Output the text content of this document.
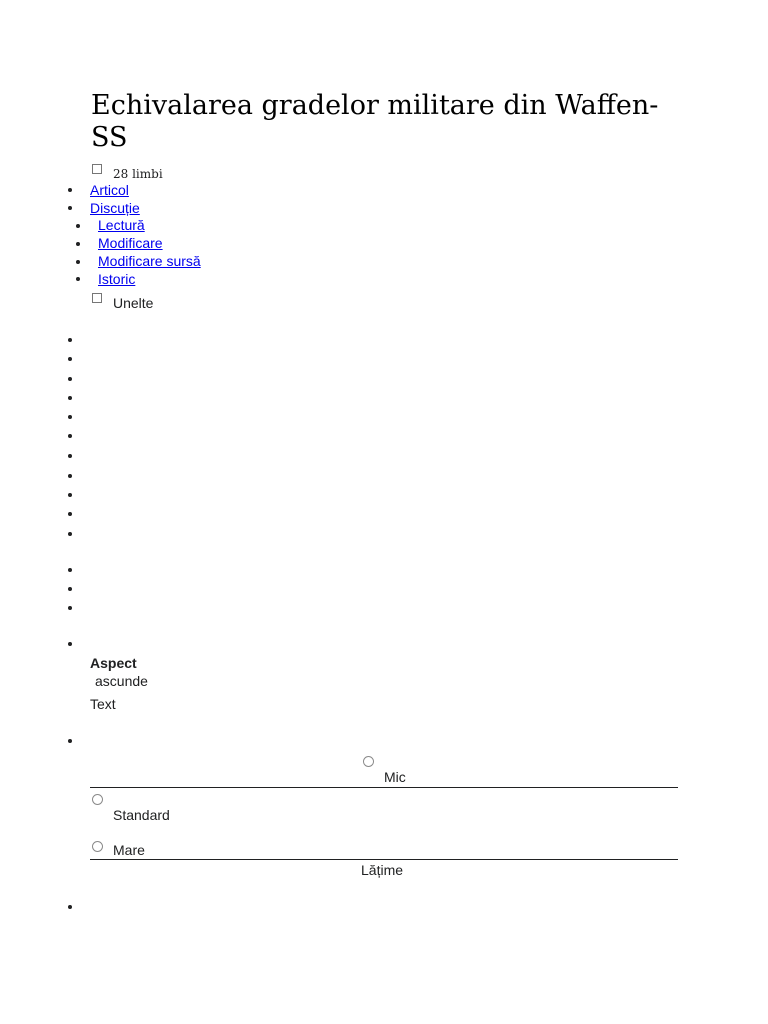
Echivalarea gradelor militare din Waffen-SS
28 limbi
Articol
Discuție
Lectură
Modificare
Modificare sursă
Istoric
Unelte
Aspect
ascunde
Text
Mic
Standard
Mare
Lățime
